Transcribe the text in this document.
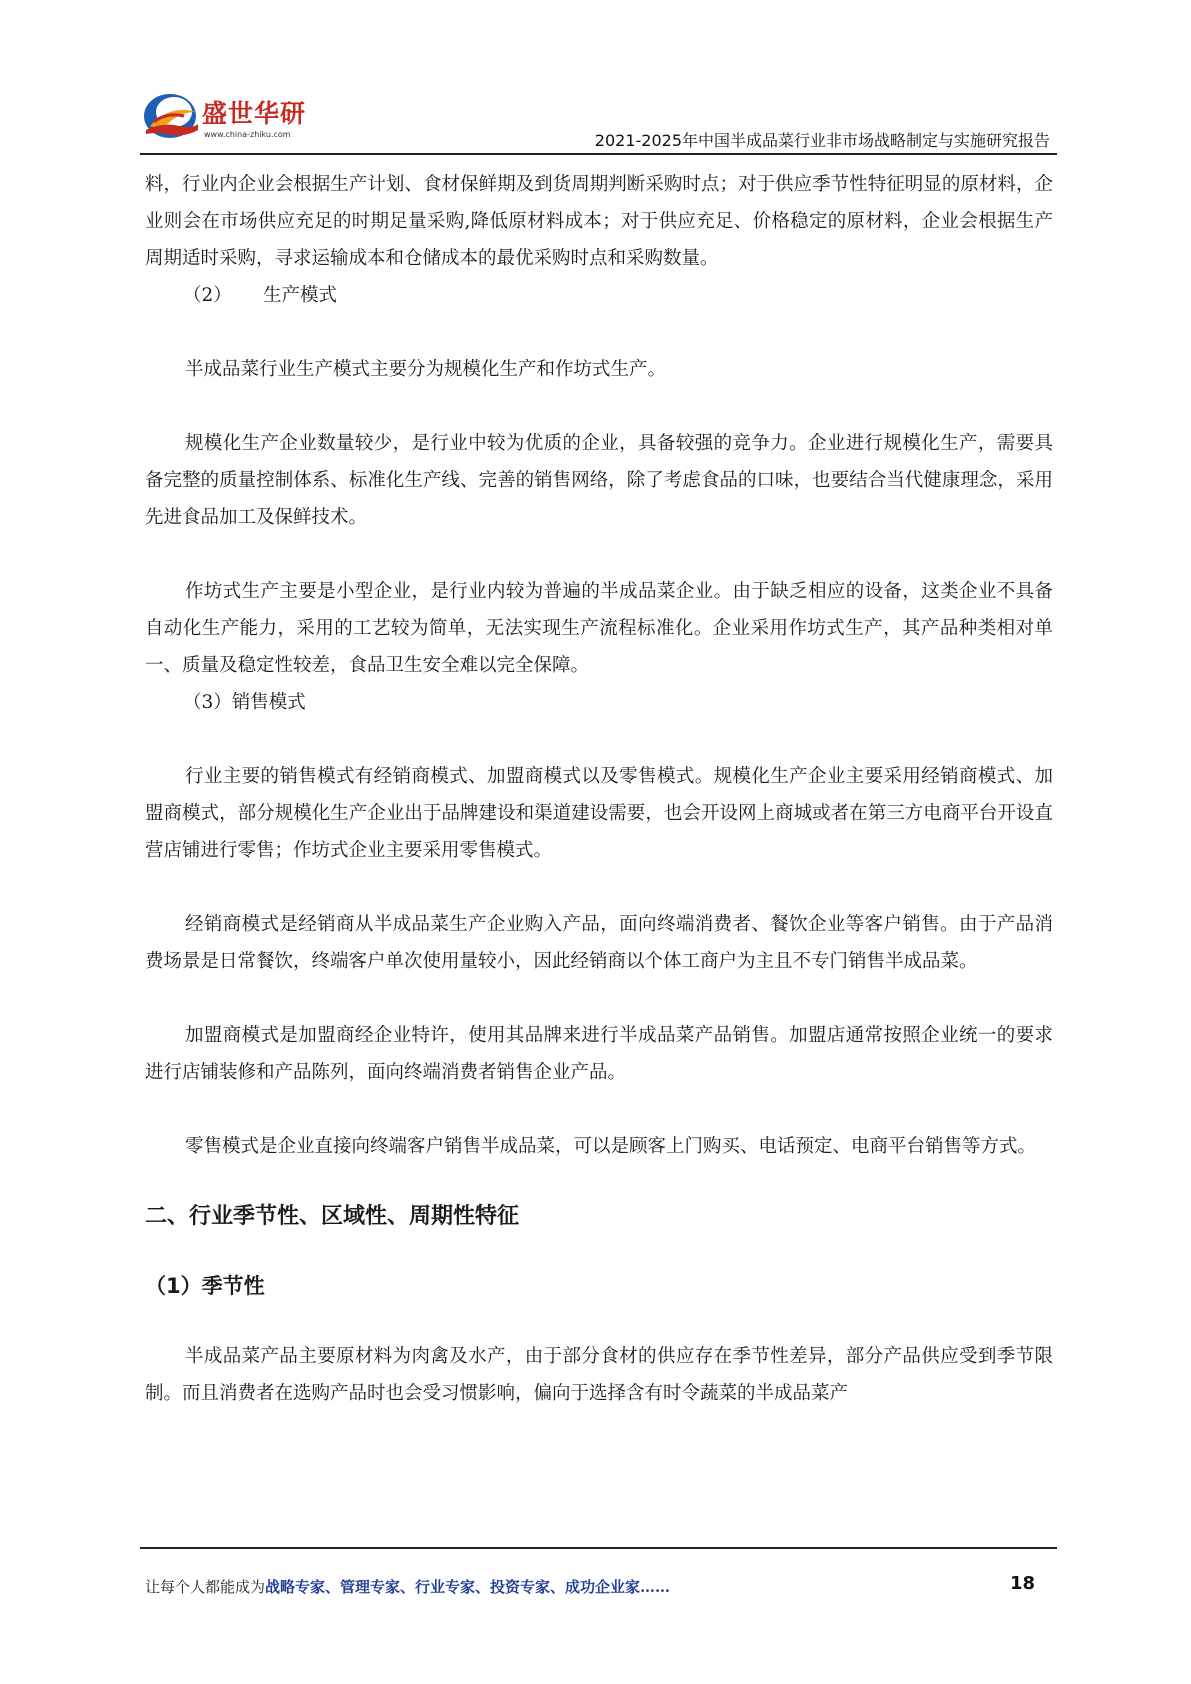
盛世华研
www.china-zhiku.com	2021-2025年中国半成品菜行业非市场战略制定与实施研究报告

料，行业内企业会根据生产计划、食材保鲜期及到货周期判断采购时点；对于供应季节性特征明显的原材料，企业则会在市场供应充足的时期足量采购,降低原材料成本；对于供应充足、价格稳定的原材料，企业会根据生产周期适时采购，寻求运输成本和仓储成本的最优采购时点和采购数量。

（2） 生产模式

半成品菜行业生产模式主要分为规模化生产和作坊式生产。

规模化生产企业数量较少，是行业中较为优质的企业，具备较强的竞争力。企业进行规模化生产，需要具备完整的质量控制体系、标准化生产线、完善的销售网络，除了考虑食品的口味，也要结合当代健康理念，采用先进食品加工及保鲜技术。

作坊式生产主要是小型企业，是行业内较为普遍的半成品菜企业。由于缺乏相应的设备，这类企业不具备自动化生产能力，采用的工艺较为简单，无法实现生产流程标准化。企业采用作坊式生产，其产品种类相对单一、质量及稳定性较差，食品卫生安全难以完全保障。

（3）销售模式

行业主要的销售模式有经销商模式、加盟商模式以及零售模式。规模化生产企业主要采用经销商模式、加盟商模式，部分规模化生产企业出于品牌建设和渠道建设需要，也会开设网上商城或者在第三方电商平台开设直营店铺进行零售；作坊式企业主要采用零售模式。

经销商模式是经销商从半成品菜生产企业购入产品，面向终端消费者、餐饮企业等客户销售。由于产品消费场景是日常餐饮，终端客户单次使用量较小，因此经销商以个体工商户为主且不专门销售半成品菜。

加盟商模式是加盟商经企业特许，使用其品牌来进行半成品菜产品销售。加盟店通常按照企业统一的要求进行店铺装修和产品陈列，面向终端消费者销售企业产品。

零售模式是企业直接向终端客户销售半成品菜，可以是顾客上门购买、电话预定、电商平台销售等方式。

二、行业季节性、区域性、周期性特征
（1）季节性

半成品菜产品主要原材料为肉禽及水产，由于部分食材的供应存在季节性差异，部分产品供应受到季节限制。而且消费者在选购产品时也会受习惯影响，偏向于选择含有时令蔬菜的半成品菜产

让每个人都能成为战略专家、管理专家、行业专家、投资专家、成功企业家……	18
